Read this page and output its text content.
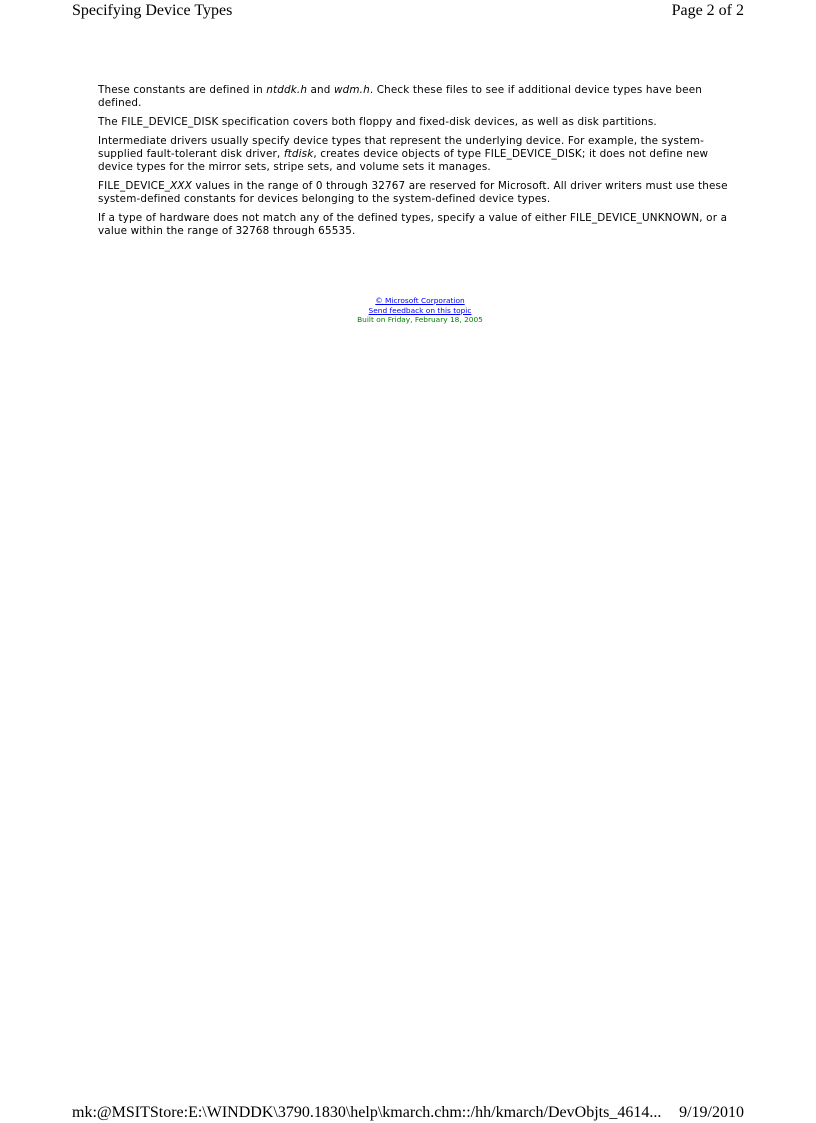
Specifying Device Types	Page 2 of 2

These constants are defined in ntddk.h and wdm.h. Check these files to see if additional device types have been defined.

The FILE_DEVICE_DISK specification covers both floppy and fixed-disk devices, as well as disk partitions.

Intermediate drivers usually specify device types that represent the underlying device. For example, the system-supplied fault-tolerant disk driver, ftdisk, creates device objects of type FILE_DEVICE_DISK; it does not define new device types for the mirror sets, stripe sets, and volume sets it manages.

FILE_DEVICE_XXX values in the range of 0 through 32767 are reserved for Microsoft. All driver writers must use these system-defined constants for devices belonging to the system-defined device types.

If a type of hardware does not match any of the defined types, specify a value of either FILE_DEVICE_UNKNOWN, or a value within the range of 32768 through 65535.

© Microsoft Corporation
Send feedback on this topic
Built on Friday, February 18, 2005
mk:@MSITStore:E:\WINDDK\3790.1830\help\kmarch.chm::/hh/kmarch/DevObjts_4614... 9/19/2010
